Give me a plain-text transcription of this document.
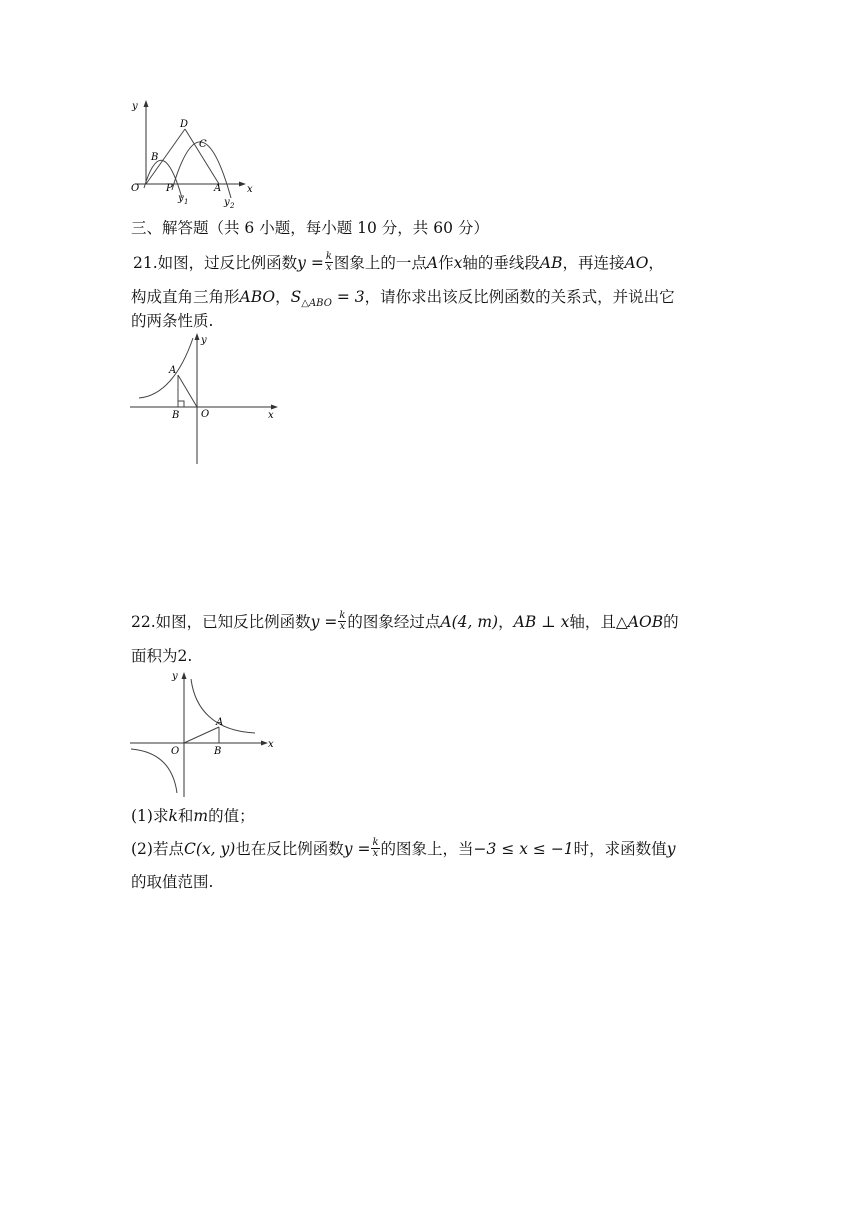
y
x
O
B
D
C
P	A
y 1	y 2
三、解答题（共 6 小题，每小题 10 分，共 60 分）
21.如图，过反比例函数$y = \frac{k}{x}$ 图象上的一点A作x轴的垂线段AB，再连接AO，
构成直角三角形ABO，$S_{\triangle ABO} = 3$，请你求出该反比例函数的关系式，并说出它
的两条性质.
y
x
A
B O
22.如图，已知反比例函数$y = \frac{k}{x}$ 的图象经过点A(4, m)，AB ⊥ x轴，且△AOB的
面积为2.
y
x
A
B
O
(1)求k和m的值；
(2)若点C(x, y)也在反比例函数$y = \frac{k}{x}$ 的图象上，当−3 ≤ x ≤ −1时，求函数值y
的取值范围.
